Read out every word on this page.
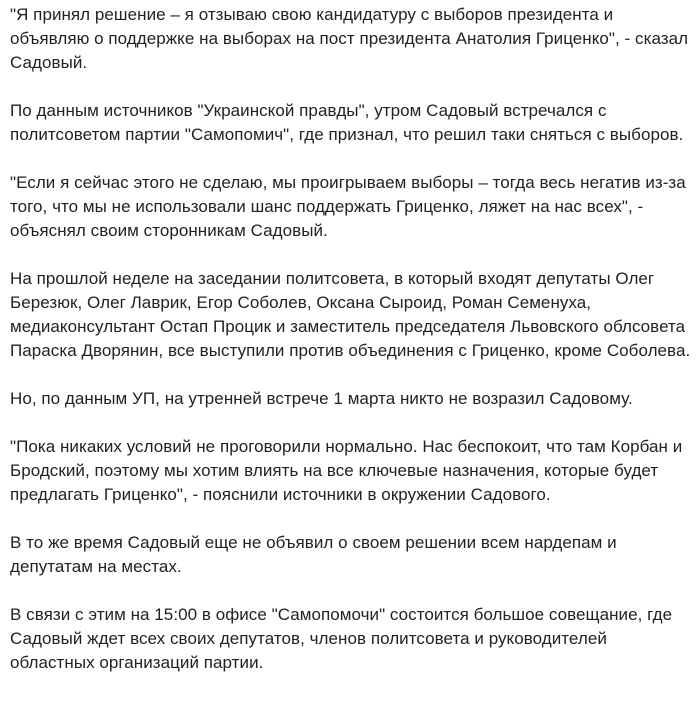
"Я принял решение – я отзываю свою кандидатуру с выборов президента и объявляю о поддержке на выборах на пост президента Анатолия Гриценко", - сказал Садовый.

По данным источников "Украинской правды", утром Садовый встречался с политсоветом партии "Самопомич", где признал, что решил таки сняться с выборов.

"Если я сейчас этого не сделаю, мы проигрываем выборы – тогда весь негатив из-за того, что мы не использовали шанс поддержать Гриценко, ляжет на нас всех", - объяснял своим сторонникам Садовый.

На прошлой неделе на заседании политсовета, в который входят депутаты Олег Березюк, Олег Лаврик, Егор Соболев, Оксана Сыроид, Роман Семенуха, медиаконсультант Остап Процик и заместитель председателя Львовского облсовета Параска Дворянин, все выступили против объединения с Гриценко, кроме Соболева.

Но, по данным УП, на утренней встрече 1 марта никто не возразил Садовому.

"Пока никаких условий не проговорили нормально. Нас беспокоит, что там Корбан и Бродский, поэтому мы хотим влиять на все ключевые назначения, которые будет предлагать Гриценко", - пояснили источники в окружении Садового.

В то же время Садовый еще не объявил о своем решении всем нардепам и депутатам на местах.

В связи с этим на 15:00 в офисе "Самопомочи" состоится большое совещание, где Садовый ждет всех своих депутатов, членов политсовета и руководителей областных организаций партии.
